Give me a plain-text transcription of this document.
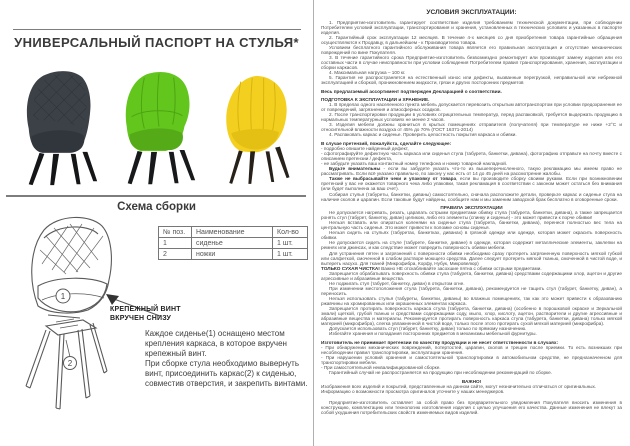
УНИВЕРСАЛЬНЫЙ ПАСПОРТ НА СТУЛЬЯ*
Схема сборки
1
2
№ поз.	Наименование	Кол-во
1	сиденье	1 шт.
2	ножки	1 шт.
КРЕПЕЖНЫЙ ВИНТ
ВКРУЧЕН СНИЗУ

Каждое сиденье(1) оснащено местом крепления каркаса, в которое вкручен крепежный винт.

При сборке стула необходимо вывернуть винт, присоединить каркас(2) к сиденью, совместив отверстия, и закрепить винтами.

УСЛОВИЯ ЭКСПЛУАТАЦИИ:
1. Предприятие-изготовитель гарантирует соответствие изделия требованиям технической документации, при соблюдении Потребителем условий эксплуатации, транспортирования и хранения, установленных в технических условиях и указанных в паспорте изделия.
2. Гарантийный срок эксплуатации 12 месяцев. В течение 4-х месяцев со дня приобретения товара гарантийные обращения осуществляются к Продавцу, в дальнейшем - к Производителю товара.
Условием бесплатного гарантийного обслуживания товара является его правильная эксплуатация и отсутствие механических повреждений по вине Покупателя.
3. В течение гарантийного срока Предприятие-изготовитель безвозмездно ремонтирует или производит замену изделия или его составных части в случае неисправности при условии соблюдения Потребителем правил транспортирования, хранения, эксплуатации и сборки каркасов.
4. Максимальная нагрузка – 100 кг.
5. Гарантия не распространяется на естественный износ или дефекты, вызванные перегрузкой, неправильной или небрежной эксплуатацией и сборкой, проникновением жидкости, грязи и других посторонних предметов
Весь предлагаемый ассортимент подтвержден Декларацией о соответствии.
ПОДГОТОВКА К ЭКСПЛУАТАЦИИ и ХРАНЕНИЕ.
1. В пределах одного населенного пункта мебель допускается перевозить открытым автотранспортом при условии предохранения ее от повреждений, загрязнения и атмосферных осадков.
2. После транспортировки продукции в условиях отрицательных температур, перед распаковкой, требуется выдержать продукцию в нормальных температурных условиях не менее 2 часов.
3. Изделия мебели должны храниться в крытых помещениях отправителя (получателя) при температуре не ниже +2°С и относительной влажности воздуха от 45% до 70% (ГОСТ 16371-2014)
4. Распаковать каркас и сиденье. Проверить целостность покрытия каркаса и обивки.
В случае претензий, пожалуйста, сделайте следующее:
- подробно опишите найденный дефект,
- сфотографируйте дефектную часть каркаса или сиденья стула (табурета, банкетки, дивана), фотографию отправьте на почту вместе с описанием претензии / дефекта,
- не забудьте указать ваш контактный номер телефона и номер товарной накладной.
Будьте внимательны - если вы забудете указать что-то из вышеперечисленного, такую рекламацию мы имеем право не рассматривать. Если всё указано правильно, по закону у нас есть от 14 до 45 дней на рассмотрение жалобы.
Также не выбрасывайте чеки и упаковку от товара, если вы производите сборку своими руками. Если при возникновении претензий у вас не окажется товарного чека либо упаковки, такая рекламация в соответствии с законом может остаться без внимания (или будет выполнена за ваш счет).
Собирая стулья (табуреты, банкетки, диваны) самостоятельно, сначала расположите детали, проверьте каркас и сиденье стула на наличие сколов и царапин. Если таковые будут найдены, сообщите нам и мы заменим заводской брак бесплатно в оговоренные сроки.
ПРАВИЛА ЭКСПЛУАТАЦИИ
Не допускается нагревать, резать, царапать острыми предметами обивку стула (табурета, банкетки, дивана), а также запрещается ронять стул (табурет, банкетку, диван) целиком, либо его элементы (спинку и сиденье) - это может привести к порче обивки!
Нельзя вставать или опираться коленями на сиденье стула (табурета, банкетки, дивана), перенеся полностью вес тела на центральную часть сиденья. Это может привести к поломке основы сиденья.
Нельзя сидеть на стульях (табуретах, банкетках, диванах) в грязной одежде или одежде, которая может окрасить поверхность обивки.
Не допускается сидеть на стуле (табурете, банкетке, диване) в одежде, которая содержит металлические элементы, заклепки на ремнях или джинсах, и как следствие может повредить поверхность обивки мебели.
Для устранения пятен и загрязнений с поверхности обивки необходимо сразу протереть загрязненную поверхность мягкой губкой или салфеткой, смоченной в слабом растворе моющего средства. Далее следует протереть мягкой тканью, смоченной в чистой воде, и вытереть насухо. Для тканей (Микрофибра, Корфу, Нубук, Микровелюр)
ТОЛЬКО СУХАЯ ЧИСТКА! Важно НЕ отскабливайте засохшие пятна с обивки острыми предметами.
Запрещается обрабатывать поверхность обивки стула (табурета, банкетки, дивана) средствами содержащими хлор, ацетон и другие агрессивные и абразивные вещества.
Не поджигать стул (табурет, банкетку, диван) в открытом огне.
При изменении местоположения стула (табурета, банкетки, дивана), рекомендуется не тащить стул (табурет, банкетку, диван), а переносить.
Нельзя использовать стулья (табуреты, банкетки, диваны) во влажных помещениях, так как это может привести к образованию ржавчины на хромированных или окрашенных элементах каркаса.
Запрещается протирать поверхность каркаса стула (табурета, банкетки, дивана) (особенно в порошковой окраске и Зеркальной эмали) щеткой, грубой тканью и средствами содержащими соду, мыло, хлор, кислоту, ацетон, растворители и другие агрессивные и абразивные вещества и материалы. Рекомендуется протирать поверхность каркаса стула (табурета, банкетки, дивана) только мягкой материей (микрофибра), слегка увлажненной в чистой воде, только после этого протирать сухой мягкой материей (микрофибра).
Допускается использовать стул (табурет, банкетку, диван) только по прямому назначению.
Избегайте хранения и попадания посторонних предметов в механизмы мебельной фурнитуры.
Изготовитель не принимает претензии по качеству продукции и не несет ответственности в случаях:
- При обнаружении механических повреждений, потертостей, царапин, сколов и трещин после приемки. То есть возникших при несоблюдении правил транспортировки, эксплуатации хранения.
- При нарушении условий хранения и самостоятельной транспортировки в автомобильном средстве, не предназначенном для транспортировки мебели.
- При самостоятельной неквалифицированной сборке.
Гарантийный случай не распространяется на продукцию при несоблюдении рекомендаций по сборке.
ВАЖНО!
Изображения всех изделий и покрытий, представленные на данном сайте, могут незначительно отличаться от оригинальных.
Информацию о возможности просмотра оригиналов уточните у наших менеджеров.
Предприятие-изготовитель оставляет за собой право без предварительного уведомления Покупателя вносить изменения в конструкцию, комплектацию или технологию изготовления изделия с целью улучшения его качества. Данные изменения не влекут за собой ухудшения потребительских свойств изменяемых видов изделий.
